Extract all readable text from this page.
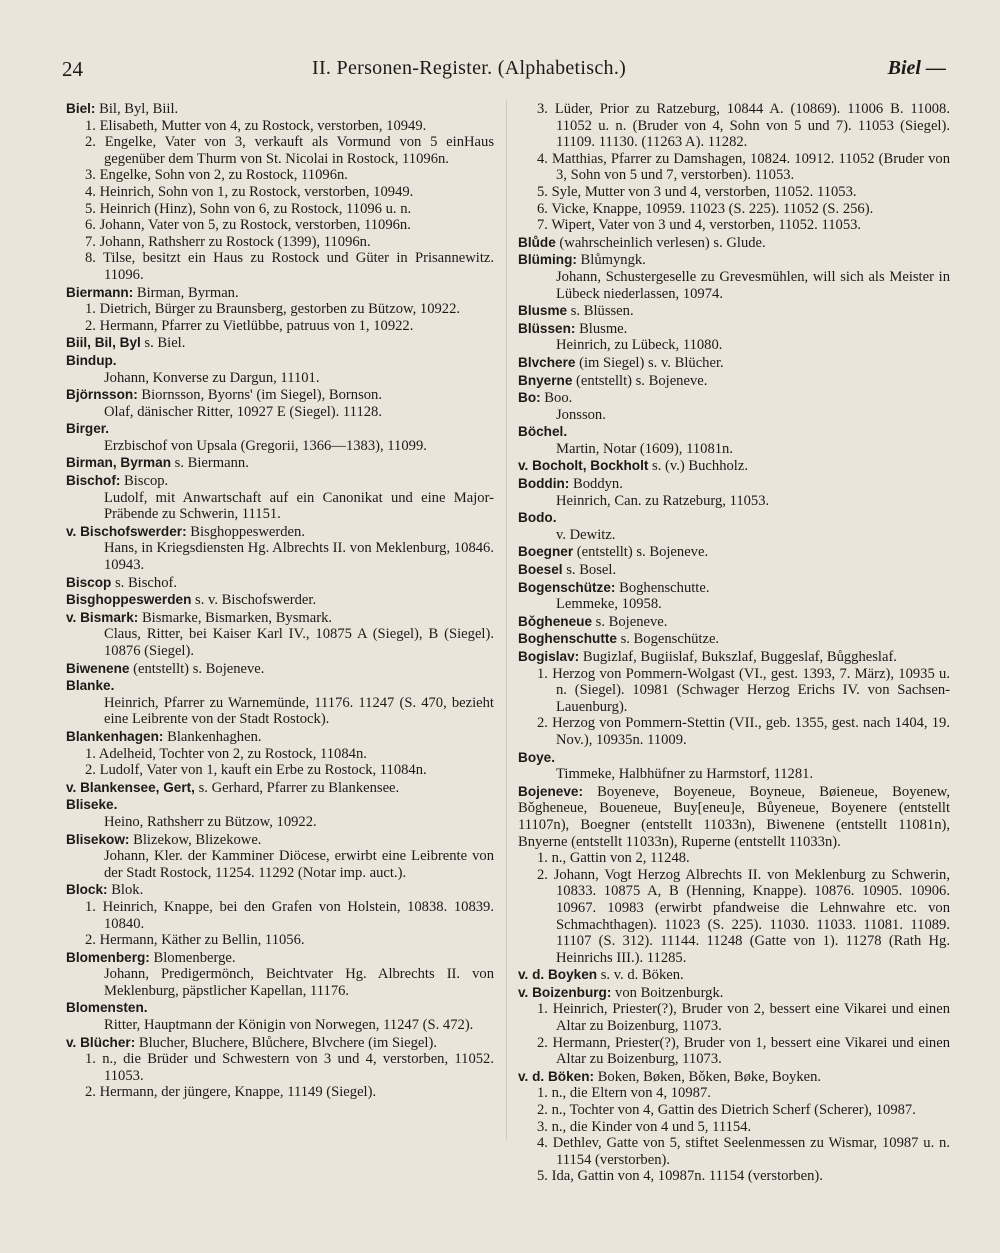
24	II. Personen-Register. (Alphabetisch.)	Biel —
Biel: Bil, Byl, Biil.
1. Elisabeth, Mutter von 4, zu Rostock, verstorben, 10949.
2. Engelke, Vater von 3, verkauft als Vormund von 5 einHaus gegenüber dem Thurm von St. Nicolai in Rostock, 11096n.
3. Engelke, Sohn von 2, zu Rostock, 11096n.
4. Heinrich, Sohn von 1, zu Rostock, verstorben, 10949.
5. Heinrich (Hinz), Sohn von 6, zu Rostock, 11096 u. n.
6. Johann, Vater von 5, zu Rostock, verstorben, 11096n.
7. Johann, Rathsherr zu Rostock (1399), 11096n.
8. Tilse, besitzt ein Haus zu Rostock und Güter in Prisannewitz. 11096.
Biermann: Birman, Byrman.
1. Dietrich, Bürger zu Braunsberg, gestorben zu Bützow, 10922.
2. Hermann, Pfarrer zu Vietlübbe, patruus von 1, 10922.
Biil, Bil, Byl s. Biel.
Bindup.
Johann, Konverse zu Dargun, 11101.
Björnsson: Biornsson, Byorns' (im Siegel), Bornson.
Olaf, dänischer Ritter, 10927 E (Siegel). 11128.
Birger.
Erzbischof von Upsala (Gregorii, 1366—1383), 11099.
Birman, Byrman s. Biermann.
Bischof: Biscop.
Ludolf, mit Anwartschaft auf ein Canonikat und eine Major-Präbende zu Schwerin, 11151.
v. Bischofswerder: Bisghoppeswerden.
Hans, in Kriegsdiensten Hg. Albrechts II. von Meklenburg, 10846. 10943.
Biscop s. Bischof.
Bisghoppeswerden s. v. Bischofswerder.
v. Bismark: Bismarke, Bismarken, Bysmark.
Claus, Ritter, bei Kaiser Karl IV., 10875 A (Siegel), B (Siegel). 10876 (Siegel).
Biwenene (entstellt) s. Bojeneve.
Blanke.
Heinrich, Pfarrer zu Warnemünde, 11176. 11247 (S. 470, bezieht eine Leibrente von der Stadt Rostock).
Blankenhagen: Blankenhaghen.
1. Adelheid, Tochter von 2, zu Rostock, 11084n.
2. Ludolf, Vater von 1, kauft ein Erbe zu Rostock, 11084n.
v. Blankensee, Gert, s. Gerhard, Pfarrer zu Blankensee.
Bliseke.
Heino, Rathsherr zu Bützow, 10922.
Blisekow: Blizekow, Blizekowe.
Johann, Kler. der Kamminer Diöcese, erwirbt eine Leibrente von der Stadt Rostock, 11254. 11292 (Notar imp. auct.).
Block: Blok.
1. Heinrich, Knappe, bei den Grafen von Holstein, 10838. 10839. 10840.
2. Hermann, Käther zu Bellin, 11056.
Blomenberg: Blomenberge.
Johann, Predigermönch, Beichtvater Hg. Albrechts II. von Meklenburg, päpstlicher Kapellan, 11176.
Blomensten.
Ritter, Hauptmann der Königin von Norwegen, 11247 (S. 472).
v. Blücher: Blucher, Bluchere, Blůchere, Blvchere (im Siegel).
1. n., die Brüder und Schwestern von 3 und 4, verstorben, 11052. 11053.
2. Hermann, der jüngere, Knappe, 11149 (Siegel).
3. Lüder, Prior zu Ratzeburg, 10844 A. (10869). 11006 B. 11008. 11052 u. n. (Bruder von 4, Sohn von 5 und 7). 11053 (Siegel). 11109. 11130. (11263 A). 11282.
4. Matthias, Pfarrer zu Damshagen, 10824. 10912. 11052 (Bruder von 3, Sohn von 5 und 7, verstorben). 11053.
5. Syle, Mutter von 3 und 4, verstorben, 11052. 11053.
6. Vicke, Knappe, 10959. 11023 (S. 225). 11052 (S. 256).
7. Wipert, Vater von 3 und 4, verstorben, 11052. 11053.
Blůde (wahrscheinlich verlesen) s. Glude.
Blüming: Blůmyngk.
Johann, Schustergeselle zu Grevesmühlen, will sich als Meister in Lübeck niederlassen, 10974.
Blusme s. Blüssen.
Blüssen: Blusme.
Heinrich, zu Lübeck, 11080.
Blvchere (im Siegel) s. v. Blücher.
Bnyerne (entstellt) s. Bojeneve.
Bo: Boo.
Jonsson.
Böchel.
Martin, Notar (1609), 11081n.
v. Bocholt, Bockholt s. (v.) Buchholz.
Boddin: Boddyn.
Heinrich, Can. zu Ratzeburg, 11053.
Bodo.
v. Dewitz.
Boegner (entstellt) s. Bojeneve.
Boesel s. Bosel.
Bogenschütze: Boghenschutte.
Lemmeke, 10958.
Bǒgheneue s. Bojeneve.
Boghenschutte s. Bogenschütze.
Bogislav: Bugizlaf, Bugiislaf, Bukszlaf, Buggeslaf, Bůggheslaf.
1. Herzog von Pommern-Wolgast (VI., gest. 1393, 7. März), 10935 u. n. (Siegel). 10981 (Schwager Herzog Erichs IV. von Sachsen-Lauenburg).
2. Herzog von Pommern-Stettin (VII., geb. 1355, gest. nach 1404, 19. Nov.), 10935n. 11009.
Boye.
Timmeke, Halbhüfner zu Harmstorf, 11281.
Bojeneve: Boyeneve, Boyeneue, Boyneue, Bøieneue, Boyenew, Bǒgheneue, Boueneue, Buy[eneu]e, Bůyeneue, Boyenere (entstellt 11107n), Boegner (entstellt 11033n), Biwenene (entstellt 11081n), Bnyerne (entstellt 11033n), Ruperne (entstellt 11033n).
1. n., Gattin von 2, 11248.
2. Johann, Vogt Herzog Albrechts II. von Meklenburg zu Schwerin, 10833. 10875 A, B (Henning, Knappe). 10876. 10905. 10906. 10967. 10983 (erwirbt pfandweise die Lehnwahre etc. von Schmachthagen). 11023 (S. 225). 11030. 11033. 11081. 11089. 11107 (S. 312). 11144. 11248 (Gatte von 1). 11278 (Rath Hg. Heinrichs III.). 11285.
v. d. Boyken s. v. d. Böken.
v. Boizenburg: von Boitzenburgk.
1. Heinrich, Priester(?), Bruder von 2, bessert eine Vikarei und einen Altar zu Boizenburg, 11073.
2. Hermann, Priester(?), Bruder von 1, bessert eine Vikarei und einen Altar zu Boizenburg, 11073.
v. d. Böken: Boken, Bøken, Bǒken, Bøke, Boyken.
1. n., die Eltern von 4, 10987.
2. n., Tochter von 4, Gattin des Dietrich Scherf (Scherer), 10987.
3. n., die Kinder von 4 und 5, 11154.
4. Dethlev, Gatte von 5, stiftet Seelenmessen zu Wismar, 10987 u. n. 11154 (verstorben).
5. Ida, Gattin von 4, 10987n. 11154 (verstorben).
